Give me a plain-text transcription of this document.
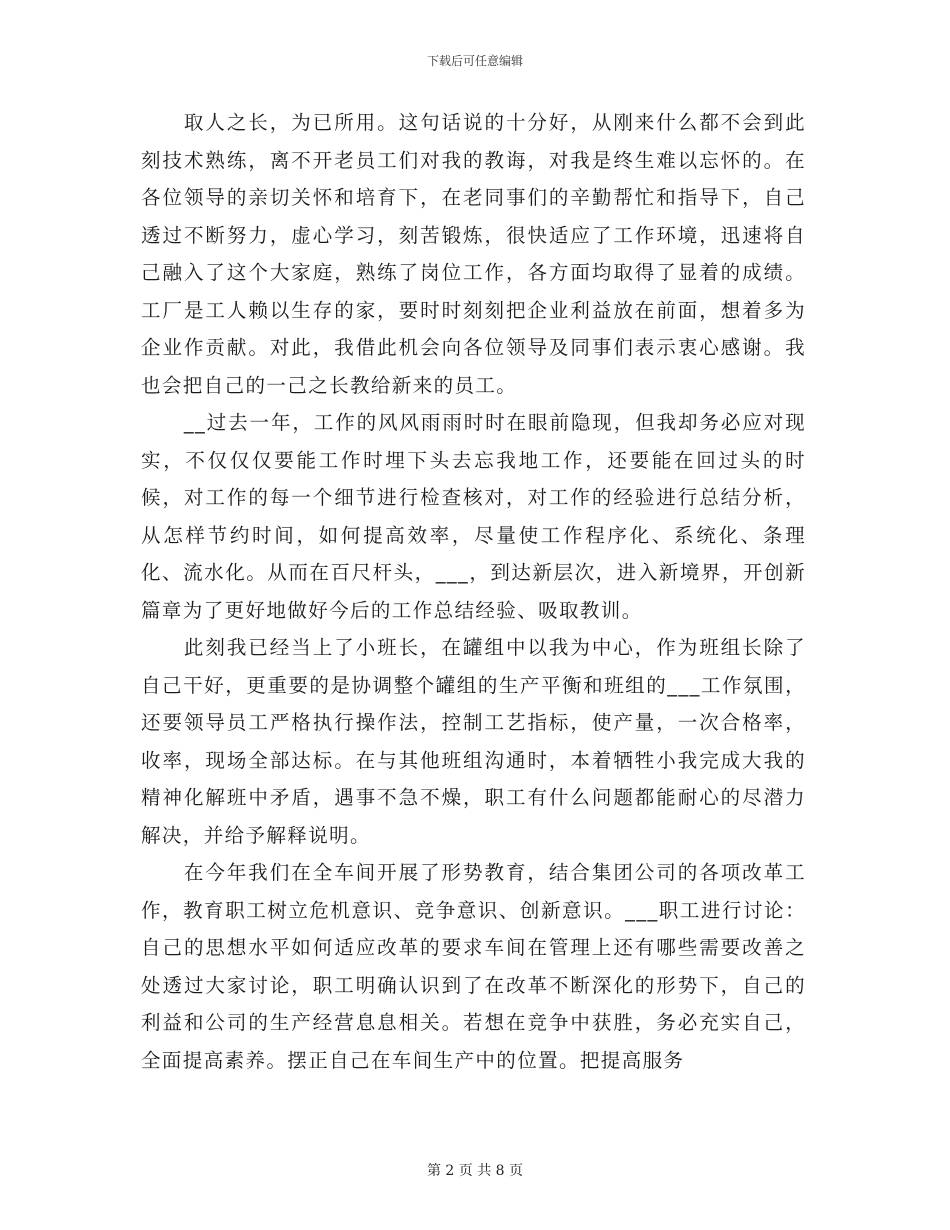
下载后可任意编辑

取人之长，为已所用。这句话说的十分好，从刚来什么都不会到此刻技术熟练，离不开老员工们对我的教诲，对我是终生难以忘怀的。在各位领导的亲切关怀和培育下，在老同事们的辛勤帮忙和指导下，自己透过不断努力，虚心学习，刻苦锻炼，很快适应了工作环境，迅速将自己融入了这个大家庭，熟练了岗位工作，各方面均取得了显着的成绩。工厂是工人赖以生存的家，要时时刻刻把企业利益放在前面，想着多为企业作贡献。对此，我借此机会向各位领导及同事们表示衷心感谢。我也会把自己的一己之长教给新来的员工。

__过去一年，工作的风风雨雨时时在眼前隐现，但我却务必应对现实，不仅仅仅要能工作时埋下头去忘我地工作，还要能在回过头的时候，对工作的每一个细节进行检查核对，对工作的经验进行总结分析，从怎样节约时间，如何提高效率，尽量使工作程序化、系统化、条理化、流水化。从而在百尺杆头，___，到达新层次，进入新境界，开创新篇章为了更好地做好今后的工作总结经验、吸取教训。

此刻我已经当上了小班长，在罐组中以我为中心，作为班组长除了自己干好，更重要的是协调整个罐组的生产平衡和班组的___工作氛围，还要领导员工严格执行操作法，控制工艺指标，使产量，一次合格率，收率，现场全部达标。在与其他班组沟通时，本着牺牲小我完成大我的精神化解班中矛盾，遇事不急不燥，职工有什么问题都能耐心的尽潜力解决，并给予解释说明。

在今年我们在全车间开展了形势教育，结合集团公司的各项改革工作，教育职工树立危机意识、竞争意识、创新意识。___职工进行讨论：自己的思想水平如何适应改革的要求车间在管理上还有哪些需要改善之处透过大家讨论，职工明确认识到了在改革不断深化的形势下，自己的利益和公司的生产经营息息相关。若想在竞争中获胜，务必充实自己，全面提高素养。摆正自己在车间生产中的位置。把提高服务

第 2 页 共 8 页
